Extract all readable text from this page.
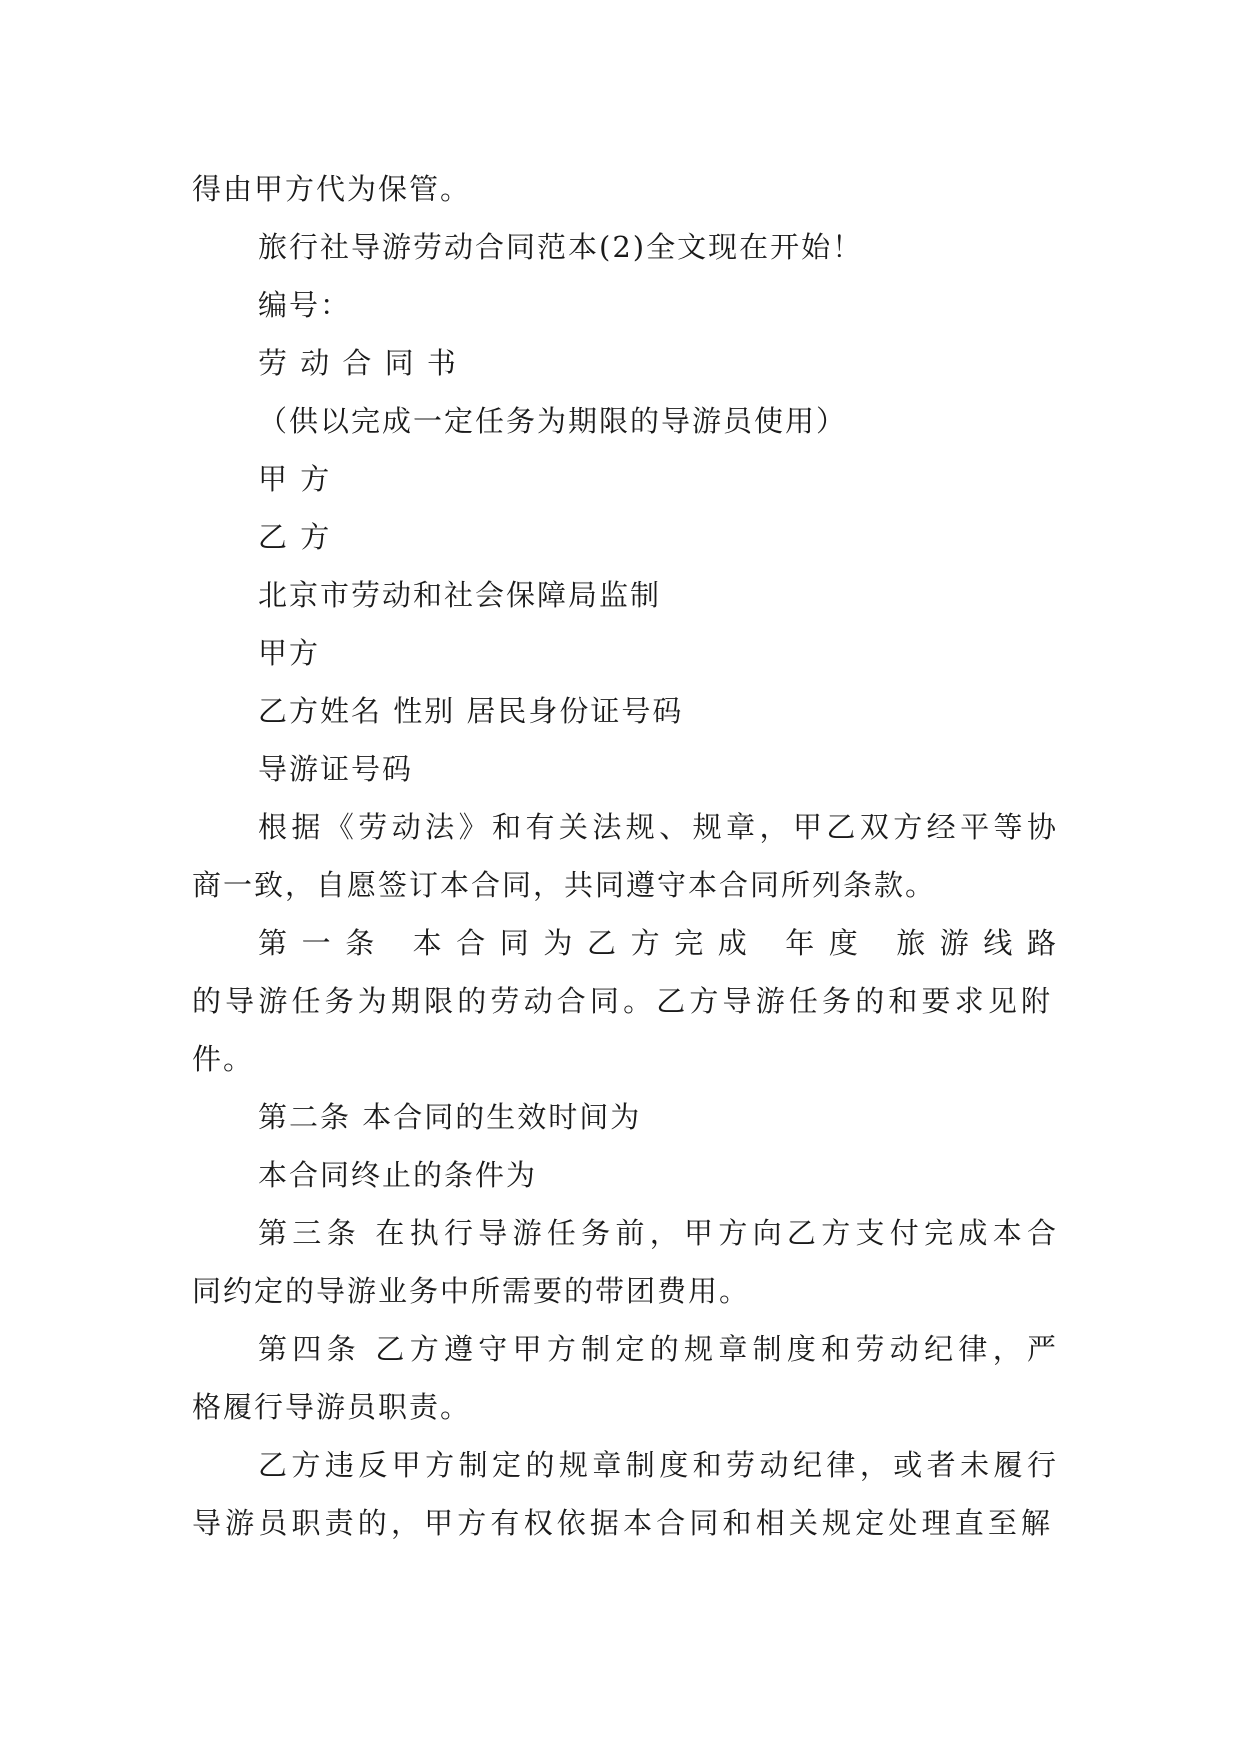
得由甲方代为保管。
旅行社导游劳动合同范本(2)全文现在开始！
编号：
劳 动 合 同 书
（供以完成一定任务为期限的导游员使用）
甲 方
乙 方
北京市劳动和社会保障局监制
甲方
乙方姓名 性别 居民身份证号码
导游证号码
根据《劳动法》和有关法规、规章，甲乙双方经平等协
商一致，自愿签订本合同，共同遵守本合同所列条款。
第一条 本合同为乙方完成 年度 旅游线路
的导游任务为期限的劳动合同。乙方导游任务的和要求见附
件。
第二条 本合同的生效时间为
本合同终止的条件为
第三条 在执行导游任务前，甲方向乙方支付完成本合
同约定的导游业务中所需要的带团费用。
第四条 乙方遵守甲方制定的规章制度和劳动纪律，严
格履行导游员职责。
乙方违反甲方制定的规章制度和劳动纪律，或者未履行
导游员职责的，甲方有权依据本合同和相关规定处理直至解
